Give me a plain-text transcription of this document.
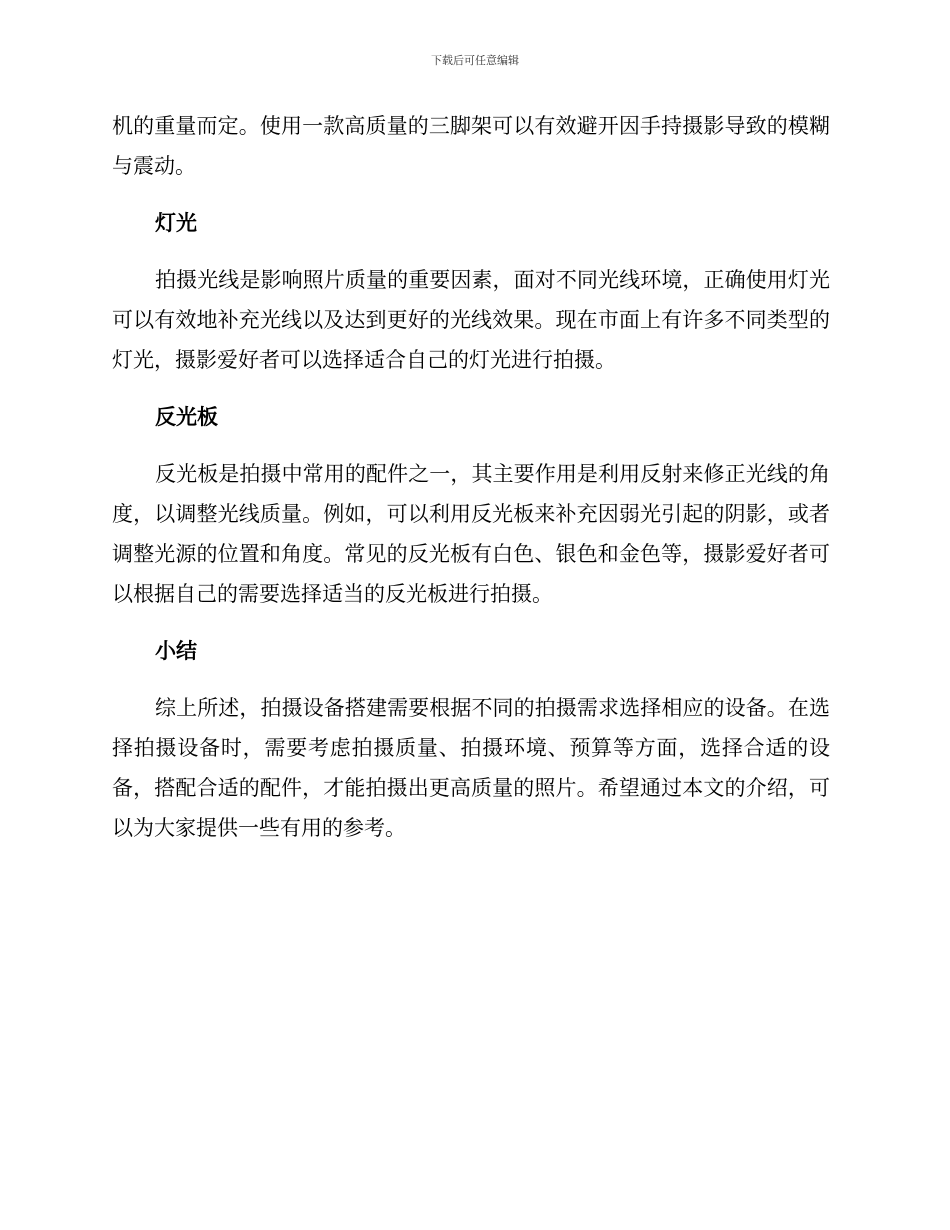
下载后可任意编辑

机的重量而定。使用一款高质量的三脚架可以有效避开因手持摄影导致的模糊与震动。

灯光

拍摄光线是影响照片质量的重要因素，面对不同光线环境，正确使用灯光可以有效地补充光线以及达到更好的光线效果。现在市面上有许多不同类型的灯光，摄影爱好者可以选择适合自己的灯光进行拍摄。

反光板

反光板是拍摄中常用的配件之一，其主要作用是利用反射来修正光线的角度，以调整光线质量。例如，可以利用反光板来补充因弱光引起的阴影，或者调整光源的位置和角度。常见的反光板有白色、银色和金色等，摄影爱好者可以根据自己的需要选择适当的反光板进行拍摄。

小结

综上所述，拍摄设备搭建需要根据不同的拍摄需求选择相应的设备。在选择拍摄设备时，需要考虑拍摄质量、拍摄环境、预算等方面，选择合适的设备，搭配合适的配件，才能拍摄出更高质量的照片。希望通过本文的介绍，可以为大家提供一些有用的参考。
